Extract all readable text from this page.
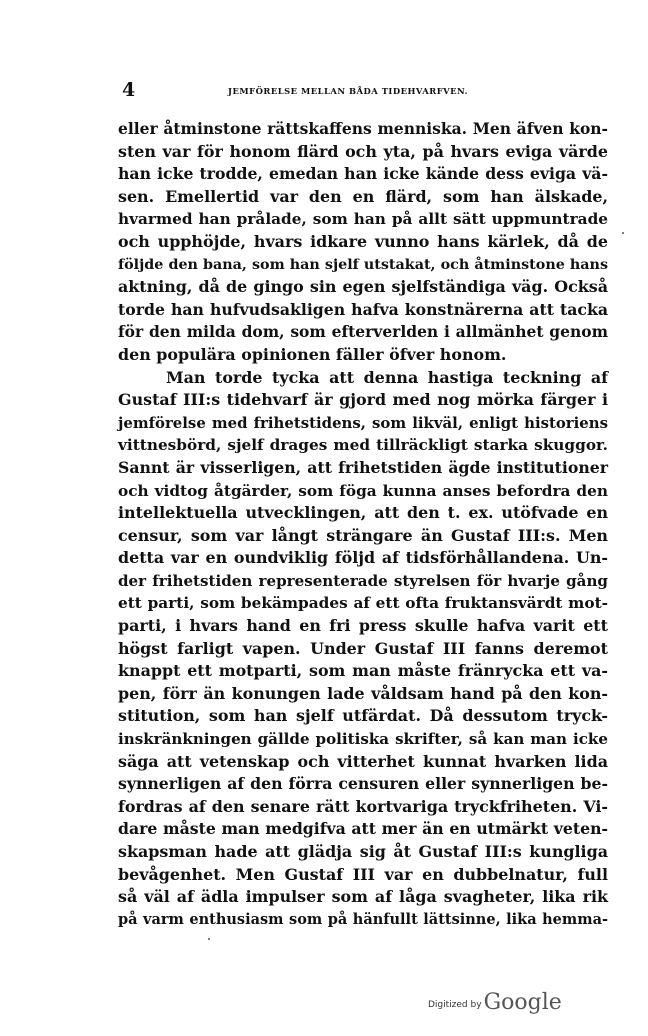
4	JEMFÖRELSE MELLAN BÅDA TIDEHVARFVEN.
eller åtminstone rättskaffens menniska. Men äfven kon-
sten var för honom flärd och yta, på hvars eviga värde
han icke trodde, emedan han icke kände dess eviga vä-
sen. Emellertid var den en flärd, som han älskade,
hvarmed han prålade, som han på allt sätt uppmuntrade
och upphöjde, hvars idkare vunno hans kärlek, då de
följde den bana, som han sjelf utstakat, och åtminstone hans
aktning, då de gingo sin egen sjelfständiga väg. Också
torde han hufvudsakligen hafva konstnärerna att tacka
för den milda dom, som efterverlden i allmänhet genom
den populära opinionen fäller öfver honom.
Man torde tycka att denna hastiga teckning af
Gustaf III:s tidehvarf är gjord med nog mörka färger i
jemförelse med frihetstidens, som likväl, enligt historiens
vittnesbörd, sjelf drages med tillräckligt starka skuggor.
Sannt är visserligen, att frihetstiden ägde institutioner
och vidtog åtgärder, som föga kunna anses befordra den
intellektuella utvecklingen, att den t. ex. utöfvade en
censur, som var långt strängare än Gustaf III:s. Men
detta var en oundviklig följd af tidsförhållandena. Un-
der frihetstiden representerade styrelsen för hvarje gång
ett parti, som bekämpades af ett ofta fruktansvärdt mot-
parti, i hvars hand en fri press skulle hafva varit ett
högst farligt vapen. Under Gustaf III fanns deremot
knappt ett motparti, som man måste fränrycka ett va-
pen, förr än konungen lade våldsam hand på den kon-
stitution, som han sjelf utfärdat. Då dessutom tryck-
inskränkningen gällde politiska skrifter, så kan man icke
säga att vetenskap och vitterhet kunnat hvarken lida
synnerligen af den förra censuren eller synnerligen be-
fordras af den senare rätt kortvariga tryckfriheten. Vi-
dare måste man medgifva att mer än en utmärkt veten-
skapsman hade att glädja sig åt Gustaf III:s kungliga
bevågenhet. Men Gustaf III var en dubbelnatur, full
så väl af ädla impulser som af låga svagheter, lika rik
på varm enthusiasm som på hänfullt lättsinne, lika hemma-
Digitized by Google
